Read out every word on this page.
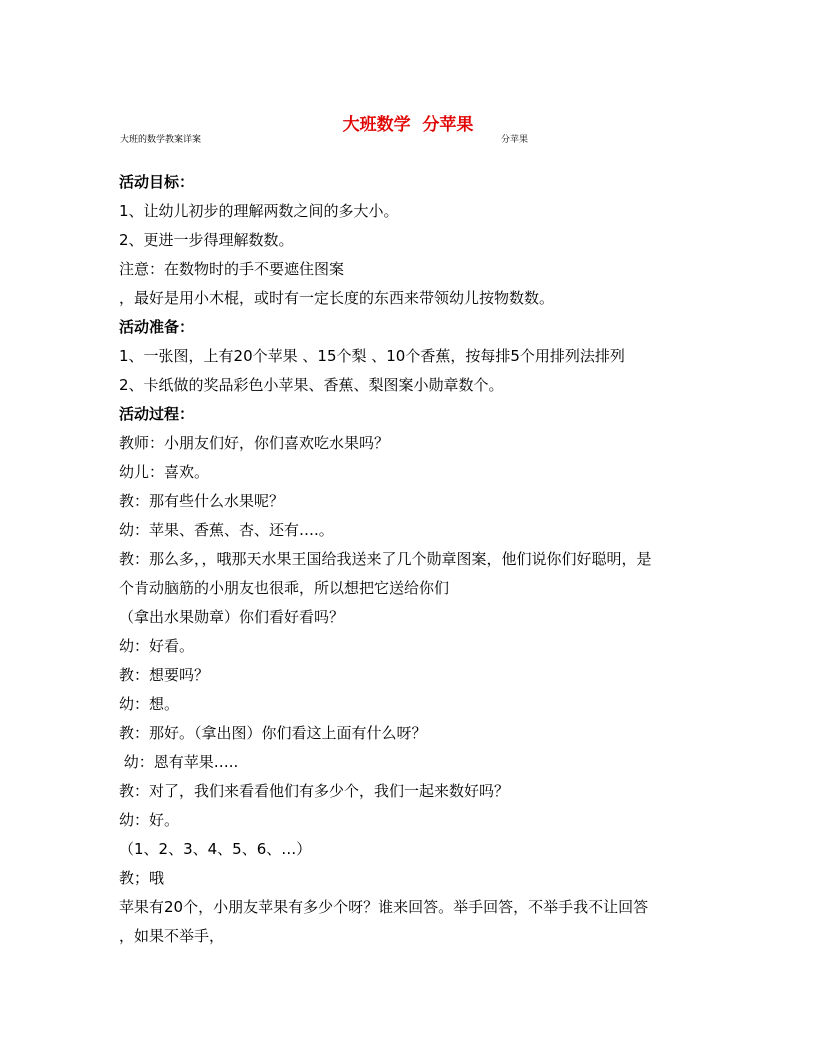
大班数学  分苹果
大班的数学教案详案	分苹果
活动目标：
1、让幼儿初步的理解两数之间的多大小。
2、更进一步得理解数数。
注意：在数物时的手不要遮住图案
，最好是用小木棍，或时有一定长度的东西来带领幼儿按物数数。
活动准备：
1、一张图，上有20个苹果 、15个梨 、10个香蕉，按每排5个用排列法排列
2、卡纸做的奖品彩色小苹果、香蕉、梨图案小勋章数个。
活动过程：
教师：小朋友们好，你们喜欢吃水果吗？
幼儿：喜欢。
教：那有些什么水果呢？
幼：苹果、香蕉、杏、还有….。
教：那么多，，哦那天水果王国给我送来了几个勋章图案，他们说你们好聪明，是
个肯动脑筋的小朋友也很乖，所以想把它送给你们
（拿出水果勋章）你们看好看吗？
幼：好看。
教：想要吗？
幼：想。
教：那好。（拿出图）你们看这上面有什么呀？
幼：恩有苹果…..
教：对了，我们来看看他们有多少个，我们一起来数好吗？
幼：好。
（1、2、3、4、5、6、…）
教；哦
苹果有20个，小朋友苹果有多少个呀？谁来回答。举手回答，不举手我不让回答
，如果不举手，
